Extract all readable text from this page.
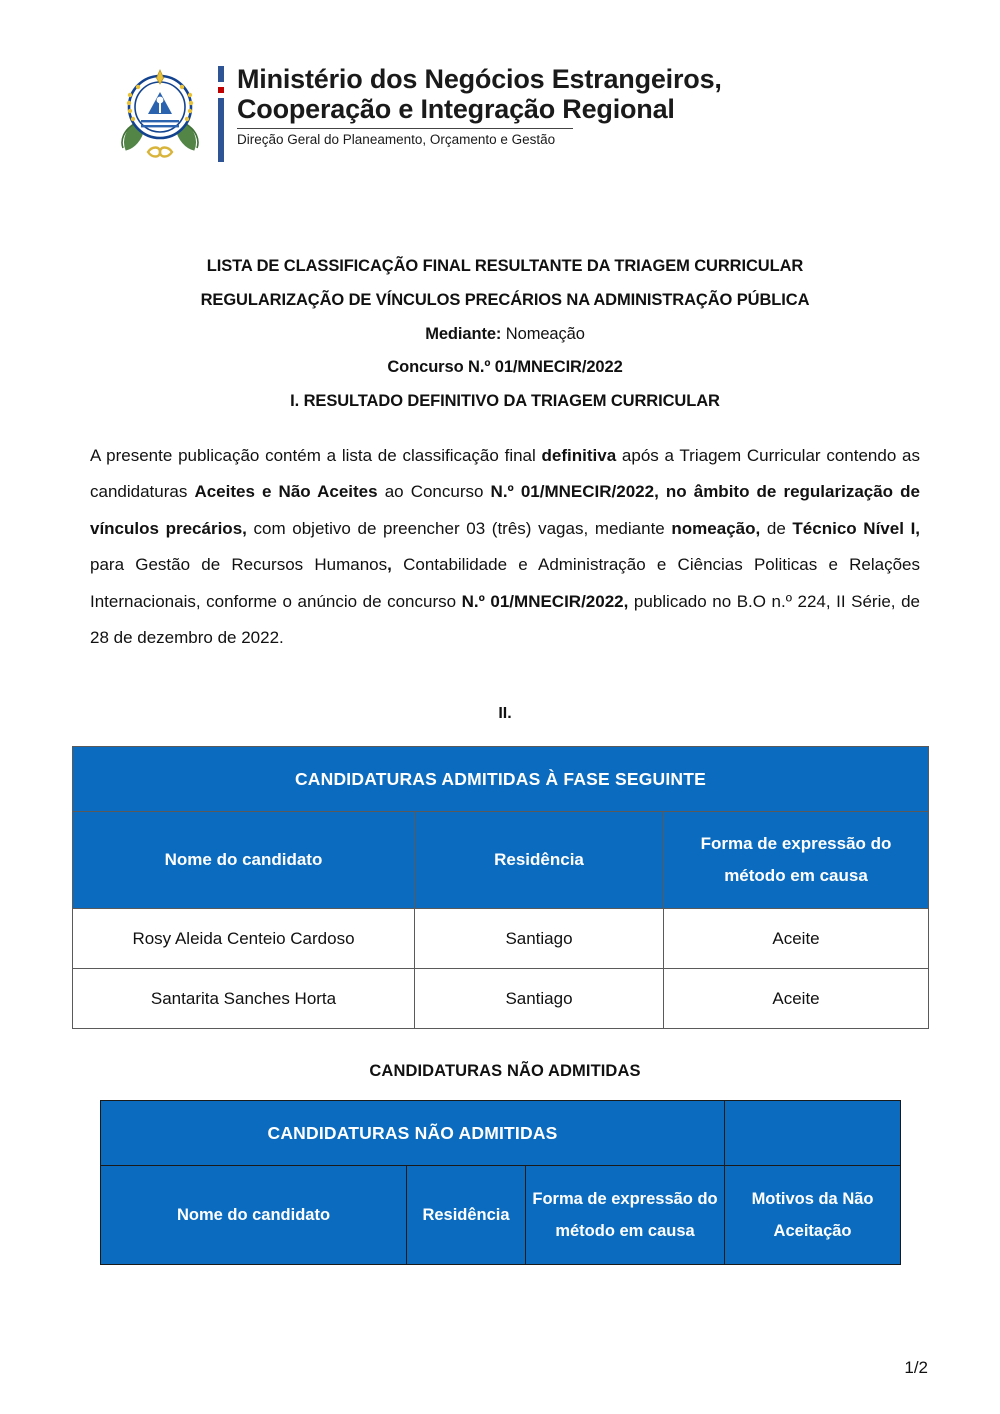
Ministério dos Negócios Estrangeiros,
Cooperação e Integração Regional
Direção Geral do Planeamento, Orçamento e Gestão
LISTA DE CLASSIFICAÇÃO FINAL RESULTANTE DA TRIAGEM CURRICULAR
REGULARIZAÇÃO DE VÍNCULOS PRECÁRIOS NA ADMINISTRAÇÃO PÚBLICA
Mediante: Nomeação
Concurso N.º 01/MNECIR/2022
I. RESULTADO DEFINITIVO DA TRIAGEM CURRICULAR
A presente publicação contém a lista de classificação final definitiva após a Triagem Curricular contendo as candidaturas Aceites e Não Aceites ao Concurso N.º 01/MNECIR/2022, no âmbito de regularização de vínculos precários, com objetivo de preencher 03 (três) vagas, mediante nomeação, de Técnico Nível I, para Gestão de Recursos Humanos, Contabilidade e Administração e Ciências Politicas e Relações Internacionais, conforme o anúncio de concurso N.º 01/MNECIR/2022, publicado no B.O n.º 224, II Série, de 28 de dezembro de 2022.
II.
CANDIDATURAS ADMITIDAS À FASE SEGUINTE		
Nome do candidato	Residência	Forma de expressão do método em causa
Rosy Aleida Centeio Cardoso	Santiago	Aceite
Santarita Sanches Horta	Santiago	Aceite
CANDIDATURAS NÃO ADMITIDAS
CANDIDATURAS NÃO ADMITIDAS			
Nome do candidato	Residência	Forma de expressão do método em causa	Motivos da Não Aceitação
1/2
